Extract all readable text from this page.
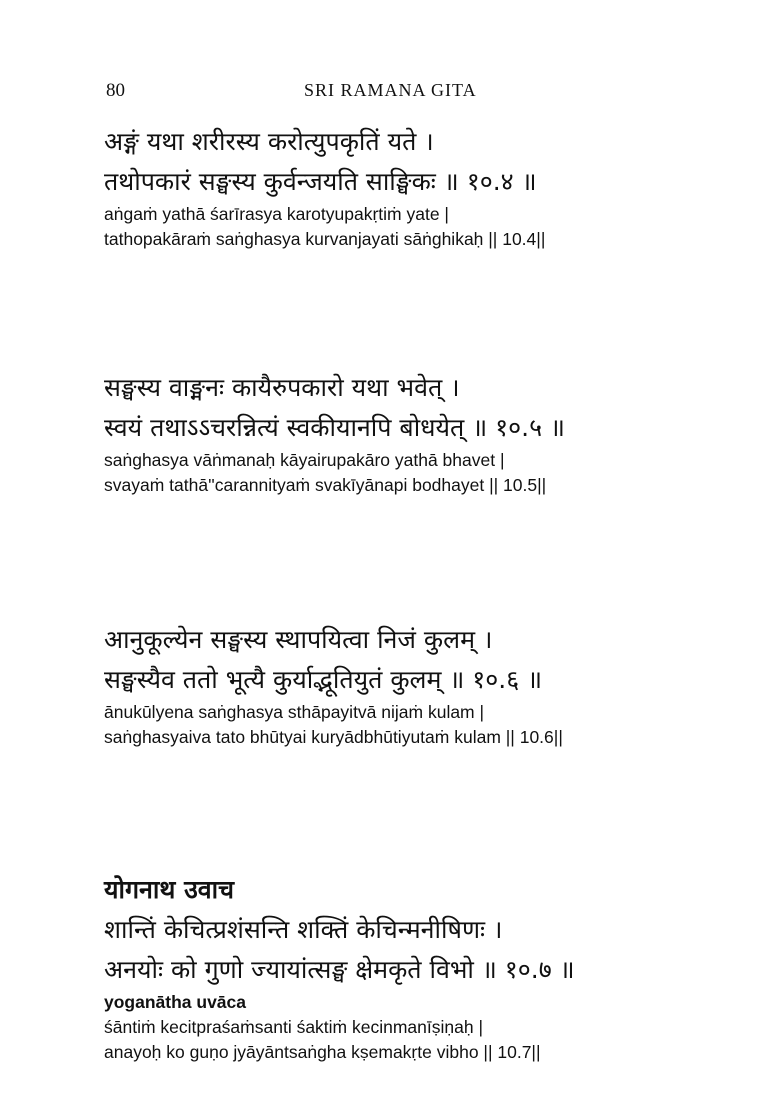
80	SRI RAMANA GITA
अङ्गं यथा शरीरस्य करोत्युपकृतिं यते ।
तथोपकारं सङ्घस्य कुर्वन्जयति साङ्घिकः ॥ १०.४ ॥
aṅgaṁ yathā śarīrasya karotyupakṛtiṁ yate |
tathopakāraṁ saṅghasya kurvanjayati sāṅghikaḥ || 10.4||
सङ्घस्य वाङ्मनः कायैरुपकारो यथा भवेत् ।
स्वयं तथाऽऽचरन्नित्यं स्वकीयानपि बोधयेत् ॥ १०.५ ॥
saṅghasya vāṅmanaḥ kāyairupakāro yathā bhavet |
svayaṁ tathā''carannityaṁ svakīyānapi bodhayet || 10.5||
आनुकूल्येन सङ्घस्य स्थापयित्वा निजं कुलम् ।
सङ्घस्यैव ततो भूत्यै कुर्याद्भूतियुतं कुलम् ॥ १०.६ ॥
ānukūlyena saṅghasya sthāpayitvā nijaṁ kulam |
saṅghasyaiva tato bhūtyai kuryādbhūtiyutaṁ kulam || 10.6||
योगनाथ उवाच
शान्तिं केचित्प्रशंसन्ति शक्तिं केचिन्मनीषिणः ।
अनयोः को गुणो ज्यायांत्सङ्घ क्षेमकृते विभो ॥ १०.७ ॥
yoganātha uvāca
śāntiṁ kecitpraśaṁsanti śaktiṁ kecinmanīṣiṇaḥ |
anayoḥ ko guṇo jyāyāntsaṅgha kṣemakṛte vibho || 10.7||
